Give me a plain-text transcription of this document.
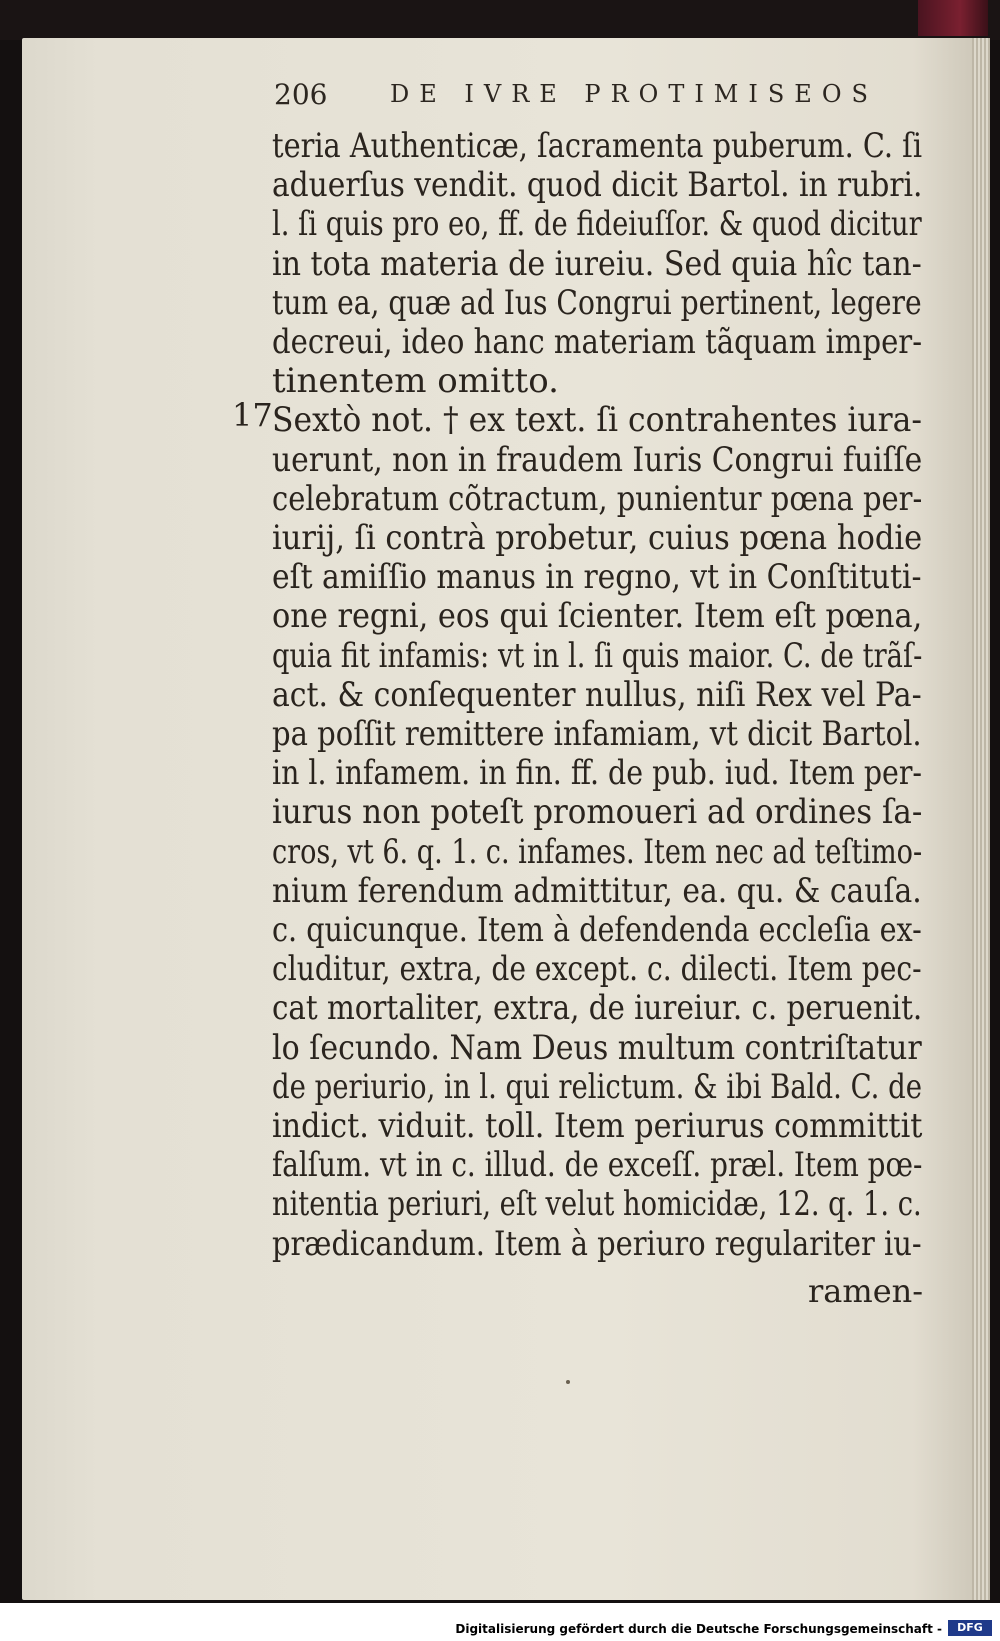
206	DE IVRE PROTIMISEOS
17
teria Authenticæ, ſacramenta puberum. C. ſi
aduerſus vendit. quod dicit Bartol. in rubri.
l. ſi quis pro eo, ff. de fideiuſſor. & quod dicitur
in tota materia de iureiu. Sed quia hîc tan-
tum ea, quæ ad Ius Congrui pertinent, legere
decreui, ideo hanc materiam tãquam imper-
tinentem omitto.
Sextò not. † ex text. ſi contrahentes iura-
uerunt, non in fraudem Iuris Congrui fuiſſe
celebratum cõtractum, punientur pœna per-
iurij, ſi contrà probetur, cuius pœna hodie
eſt amiſſio manus in regno, vt in Conſtituti-
one regni, eos qui ſcienter. Item eſt pœna,
quia fit infamis: vt in l. ſi quis maior. C. de trãſ-
act. & conſequenter nullus, niſi Rex vel Pa-
pa poſſit remittere infamiam, vt dicit Bartol.
in l. infamem. in fin. ff. de pub. iud. Item per-
iurus non poteſt promoueri ad ordines ſa-
cros, vt 6. q. 1. c. infames. Item nec ad teſtimo-
nium ferendum admittitur, ea. qu. & cauſa.
c. quicunque. Item à defendenda eccleſia ex-
cluditur, extra, de except. c. dilecti. Item pec-
cat mortaliter, extra, de iureiur. c. peruenit.
lo ſecundo. Nam Deus multum contriſtatur
de periurio, in l. qui relictum. & ibi Bald. C. de
indict. viduit. toll. Item periurus committit
falſum. vt in c. illud. de exceſſ. præl. Item pœ-
nitentia periuri, eſt velut homicidæ, 12. q. 1. c.
prædicandum. Item à periuro regulariter iu-
ramen-
Digitalisierung gefördert durch die Deutsche Forschungsgemeinschaft -	DFG
